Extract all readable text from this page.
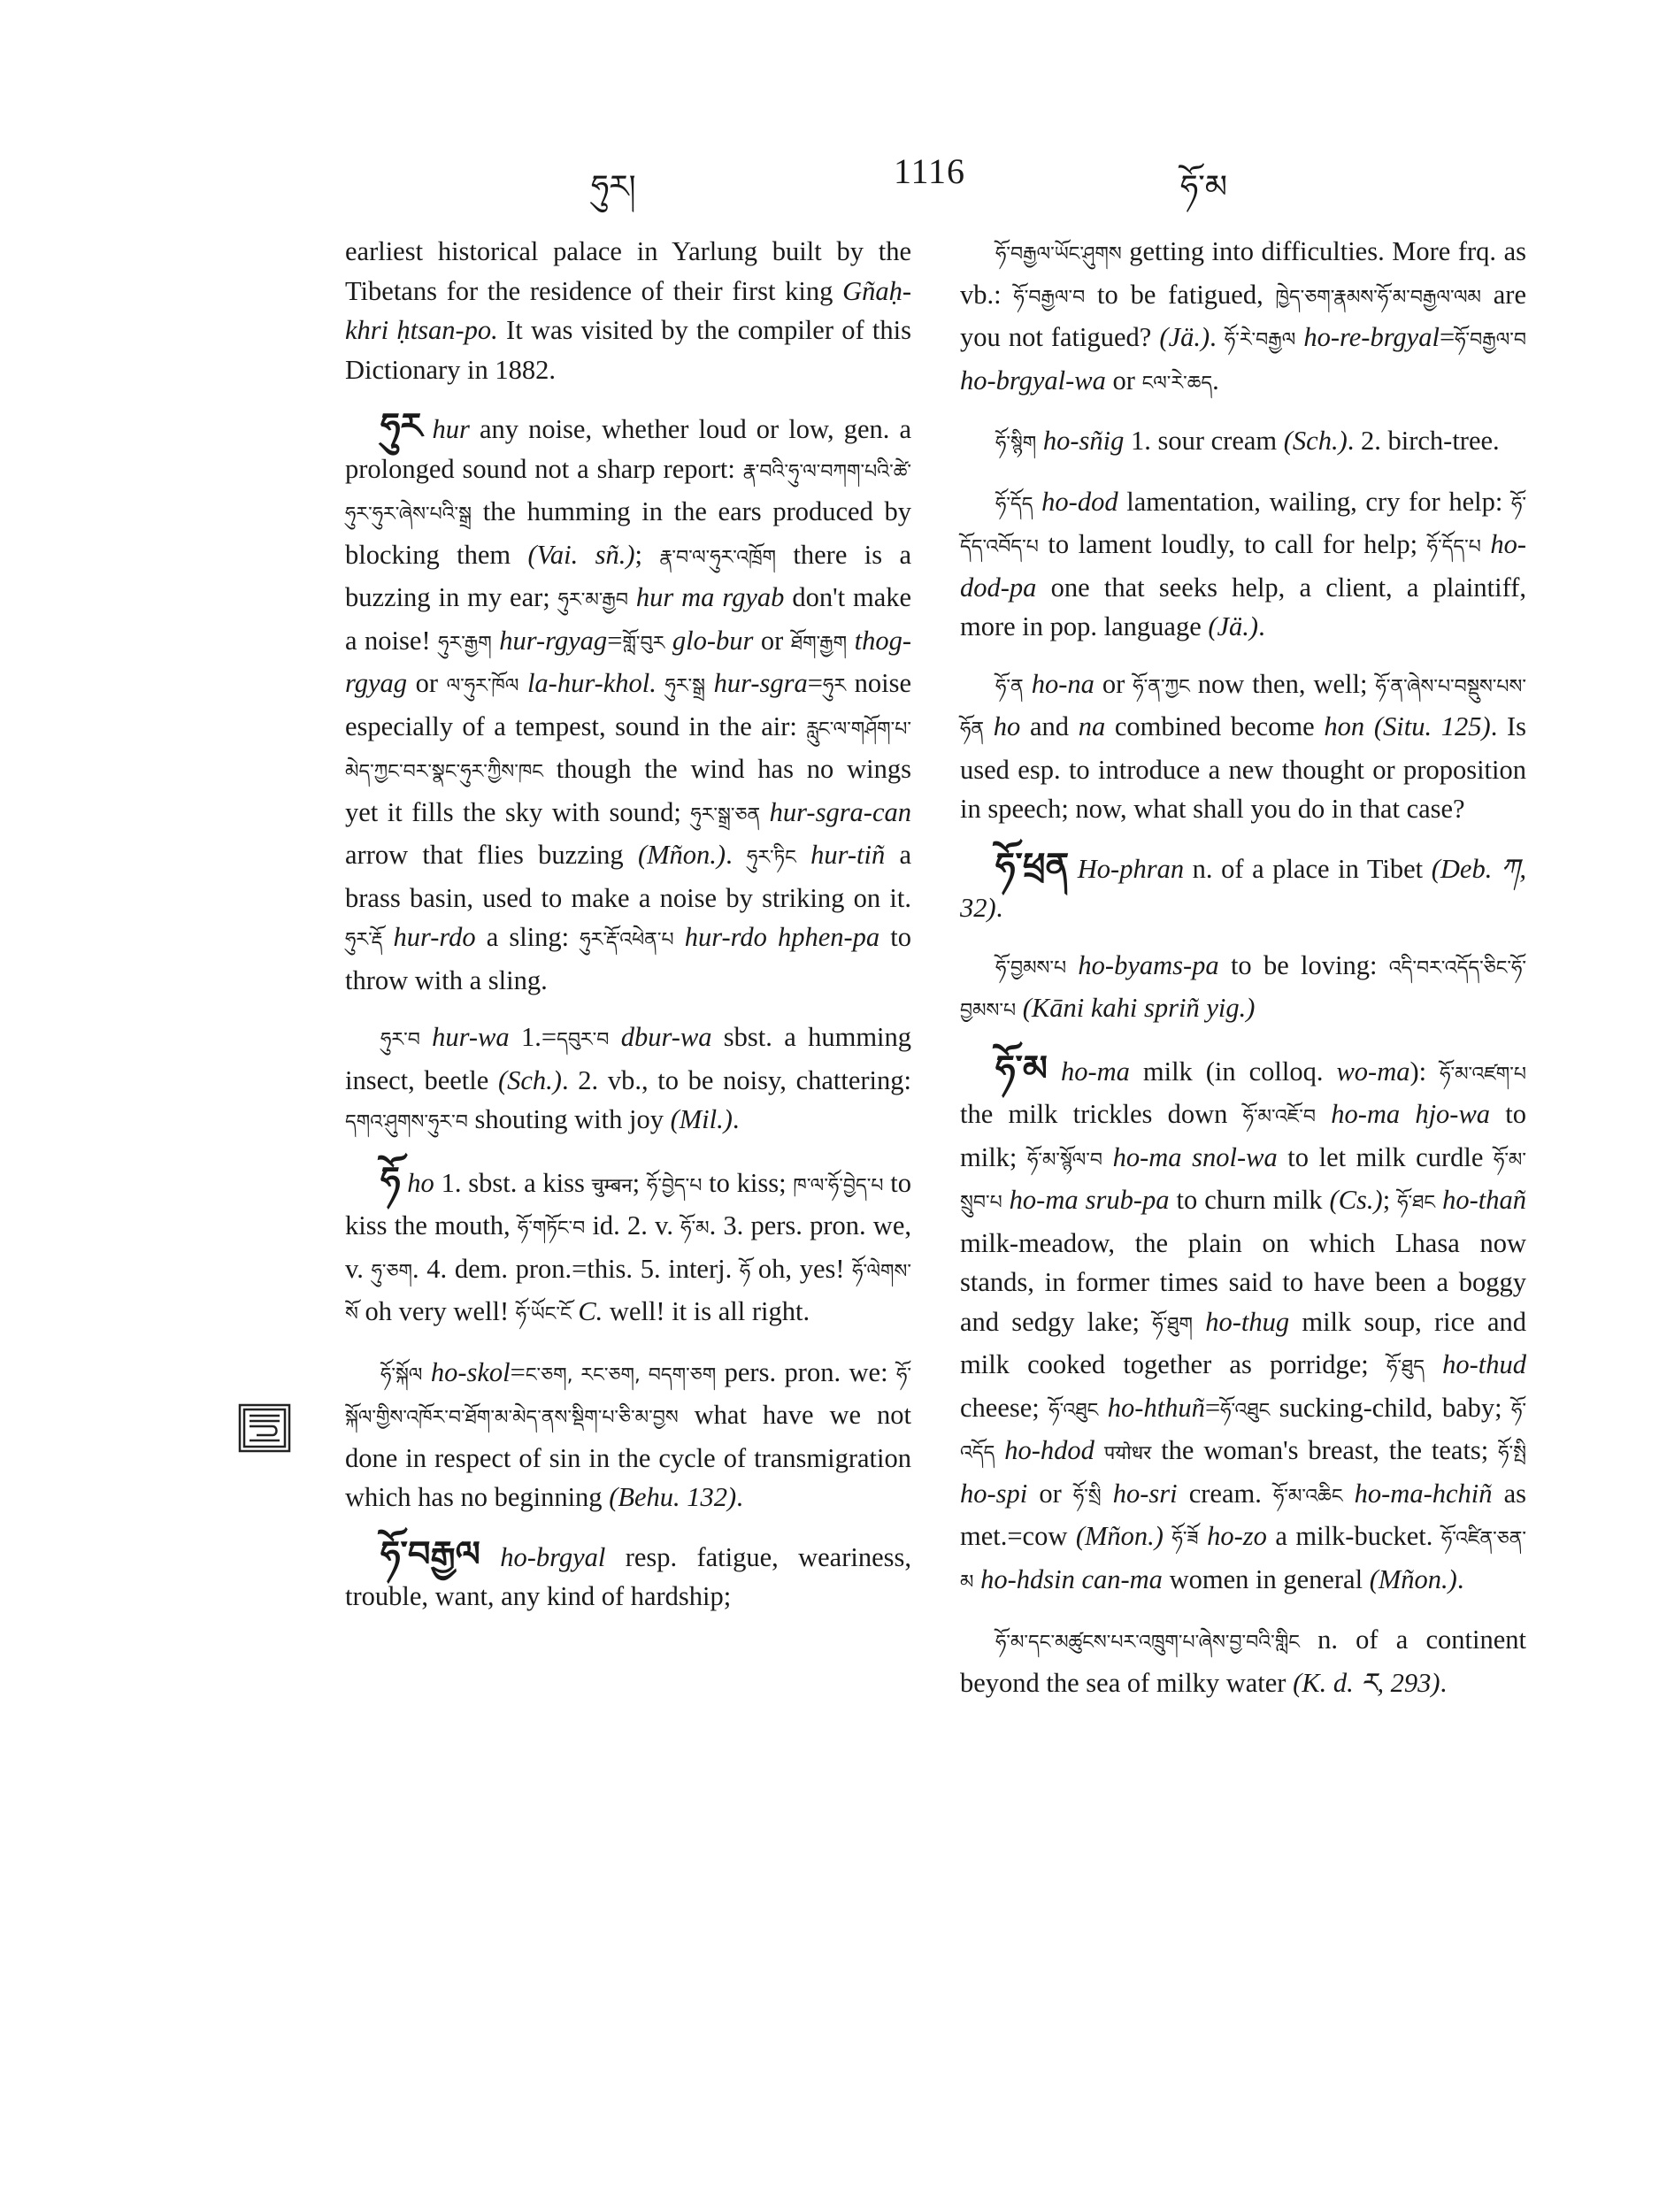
ཧུར།	1116	ཧོ་མ

earliest historical palace in Yarlung built by the Tibetans for the residence of their first king Gñaḥ-khri ḥtsan-po. It was visited by the compiler of this Dictionary in 1882.

ཧུར hur any noise, whether loud or low, gen. a prolonged sound not a sharp report: རྣ་བའི་ཧུ་ལ་བཀག་པའི་ཚེ་ཧུར་ཧུར་ཞེས་པའི་སྒྲ the humming in the ears produced by blocking them (Vai. sñ.); རྣ་བ་ལ་ཧུར་འཁྲོག there is a buzzing in my ear; ཧུར་མ་རྒྱབ hur ma rgyab don't make a noise! ཧུར་རྒྱག hur-rgyag=གློ་བུར glo-bur or ཐོག་རྒྱག thog-rgyag or ལ་ཧུར་ཁོལ la-hur-khol. ཧུར་སྒྲ hur-sgra=ཧུར noise especially of a tempest, sound in the air: རླུང་ལ་གཤོག་པ་མེད་ཀྱང་བར་སྣང་ཧུར་ཀྱིས་ཁང though the wind has no wings yet it fills the sky with sound; ཧུར་སྒྲ་ཅན hur-sgra-can arrow that flies buzzing (Mñon.). ཧུར་ཏིང hur-tiñ a brass basin, used to make a noise by striking on it. ཧུར་རྡོ hur-rdo a sling: ཧུར་རྡོ་འཕེན་པ hur-rdo hphen-pa to throw with a sling.

ཧུར་བ hur-wa 1.=དབུར་བ dbur-wa sbst. a humming insect, beetle (Sch.). 2. vb., to be noisy, chattering: དགའ་ཤུགས་ཧུར་བ shouting with joy (Mil.).

ཧོ ho 1. sbst. a kiss चुम्बन; ཧོ་བྱེད་པ to kiss; ཁ་ལ་ཧོ་བྱེད་པ to kiss the mouth, ཧོ་གཏོང་བ id. 2. v. ཧོ་མ. 3. pers. pron. we, v. ཧུ་ཅག. 4. dem. pron.=this. 5. interj. ཧོ oh, yes! ཧོ་ལེགས་སོ oh very well! ཧོ་ཡོང་ངོ C. well! it is all right.

ཧོ་སྐོལ ho-skol=ང་ཅག, རང་ཅག, བདག་ཅག pers. pron. we: ཧོ་སྐོལ་གྱིས་འཁོར་བ་ཐོག་མ་མེད་ནས་སྡིག་པ་ཅི་མ་བྱས what have we not done in respect of sin in the cycle of transmigration which has no beginning (Behu. 132).

ཧོ་བརྒྱལ ho-brgyal resp. fatigue, weariness, trouble, want, any kind of hardship;

ཧོ་བརྒྱལ་ཡོང་ཤུགས getting into difficulties. More frq. as vb.: ཧོ་བརྒྱལ་བ to be fatigued, ཁྱེད་ཅག་རྣམས་ཧོ་མ་བརྒྱལ་ལམ are you not fatigued? (Jä.). ཧོ་རེ་བརྒྱལ ho-re-brgyal=ཧོ་བརྒྱལ་བ ho-brgyal-wa or ངལ་རེ་ཆད.

ཧོ་སྙིག ho-sñig 1. sour cream (Sch.). 2. birch-tree.

ཧོ་དོད ho-dod lamentation, wailing, cry for help: ཧོ་དོད་འབོད་པ to lament loudly, to call for help; ཧོ་དོད་པ ho-dod-pa one that seeks help, a client, a plaintiff, more in pop. language (Jä.).

ཧོ་ན ho-na or ཧོ་ན་ཀྱང now then, well; ཧོ་ན་ཞེས་པ་བསྡུས་པས་ཧོན ho and na combined become hon (Situ. 125). Is used esp. to introduce a new thought or proposition in speech; now, what shall you do in that case?

ཧོ་ཕྲན Ho-phran n. of a place in Tibet (Deb. ཀ, 32).

ཧོ་བྱམས་པ ho-byams-pa to be loving: འདི་བར་འདོད་ཅིང་ཧོ་བྱམས་པ (Kāni kahi spriñ yig.)

ཧོ་མ ho-ma milk (in colloq. wo-ma): ཧོ་མ་འཛག་པ the milk trickles down ཧོ་མ་འཇོ་བ ho-ma hjo-wa to milk; ཧོ་མ་སྙོལ་བ ho-ma snol-wa to let milk curdle ཧོ་མ་སྲུབ་པ ho-ma srub-pa to churn milk (Cs.); ཧོ་ཐང ho-thañ milk-meadow, the plain on which Lhasa now stands, in former times said to have been a boggy and sedgy lake; ཧོ་ཐུག ho-thug milk soup, rice and milk cooked together as porridge; ཧོ་ཐུད ho-thud cheese; ཧོ་འཐུང ho-hthuñ=ཧོ་འཐུང sucking-child, baby; ཧོ་འདོད ho-hdod पयोधर the woman's breast, the teats; ཧོ་སྤི ho-spi or ཧོ་སྲི ho-sri cream. ཧོ་མ་འཆིང ho-ma-hchiñ as met.=cow (Mñon.) ཧོ་ཟོ ho-zo a milk-bucket. ཧོ་འཛིན་ཅན་མ ho-hdsin can-ma women in general (Mñon.).

ཧོ་མ་དང་མཚུངས་པར་འཁྲུག་པ་ཞེས་བྱ་བའི་གླིང n. of a continent beyond the sea of milky water (K. d. ར, 293).
